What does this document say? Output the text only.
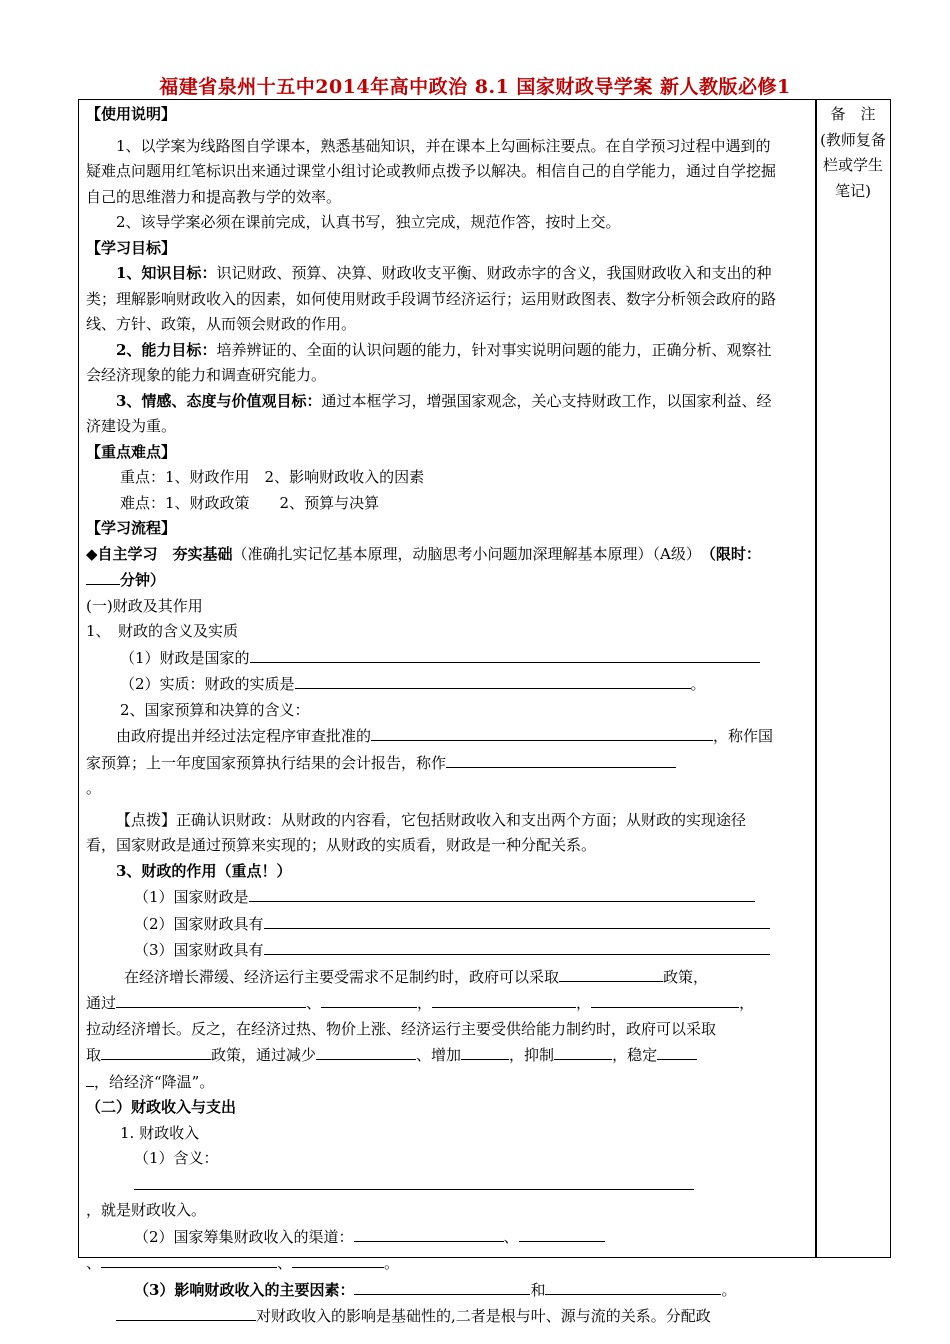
福建省泉州十五中2014年高中政治 8.1 国家财政导学案 新人教版必修1
备　注
(教师复备栏或学生笔记)

【使用说明】

1、以学案为线路图自学课本，熟悉基础知识，并在课本上勾画标注要点。在自学预习过程中遇到的疑难点问题用红笔标识出来通过课堂小组讨论或教师点拨予以解决。相信自己的自学能力，通过自学挖掘自己的思维潜力和提高教与学的效率。

2、该导学案必须在课前完成，认真书写，独立完成，规范作答，按时上交。

【学习目标】

1、知识目标：识记财政、预算、决算、财政收支平衡、财政赤字的含义，我国财政收入和支出的种类；理解影响财政收入的因素，如何使用财政手段调节经济运行；运用财政图表、数字分析领会政府的路线、方针、政策，从而领会财政的作用。

2、能力目标：培养辨证的、全面的认识问题的能力，针对事实说明问题的能力，正确分析、观察社会经济现象的能力和调查研究能力。

3、情感、态度与价值观目标：通过本框学习，增强国家观念，关心支持财政工作，以国家利益、经济建设为重。

【重点难点】

重点：1、财政作用　2、影响财政收入的因素

难点：1、财政政策　　2、预算与决算

【学习流程】

◆自主学习　夯实基础（准确扎实记忆基本原理，动脑思考小问题加深理解基本原理）（A级）　 （限时：分钟）

(一)财政及其作用

1、　财政的含义及实质

（1）财政是国家的

（2）实质：财政的实质是	。

2、国家预算和决算的含义：

由政府提出并经过法定程序审查批准的	，称作国家预算；上一年度国家预算执行结果的会计报告，称作
。

【点拨】正确认识财政：从财政的内容看，它包括财政收入和支出两个方面；从财政的实现途径看，国家财政是通过预算来实现的；从财政的实质看，财政是一种分配关系。

3、财政的作用（重点！）

（1）国家财政是

（2）国家财政具有

（3）国家财政具有

在经济增长滞缓、经济运行主要受需求不足制约时，政府可以采取	政策，
通过	、	，	，	，
拉动经济增长。反之，在经济过热、物价上涨、经济运行主要受供给能力制约时，政府可以采取
取	政策，通过减少	、增加	，抑制	，稳定
，给经济“降温”。

（二）财政收入与支出

1. 财政收入

（1）含义：
，就是财政收入。

（2）国家筹集财政收入的渠道：	、
、	、	。

（3）影响财政收入的主要因素：	和	。

对财政收入的影响是基础性的,二者是根与叶、源与流的关系。分配政
